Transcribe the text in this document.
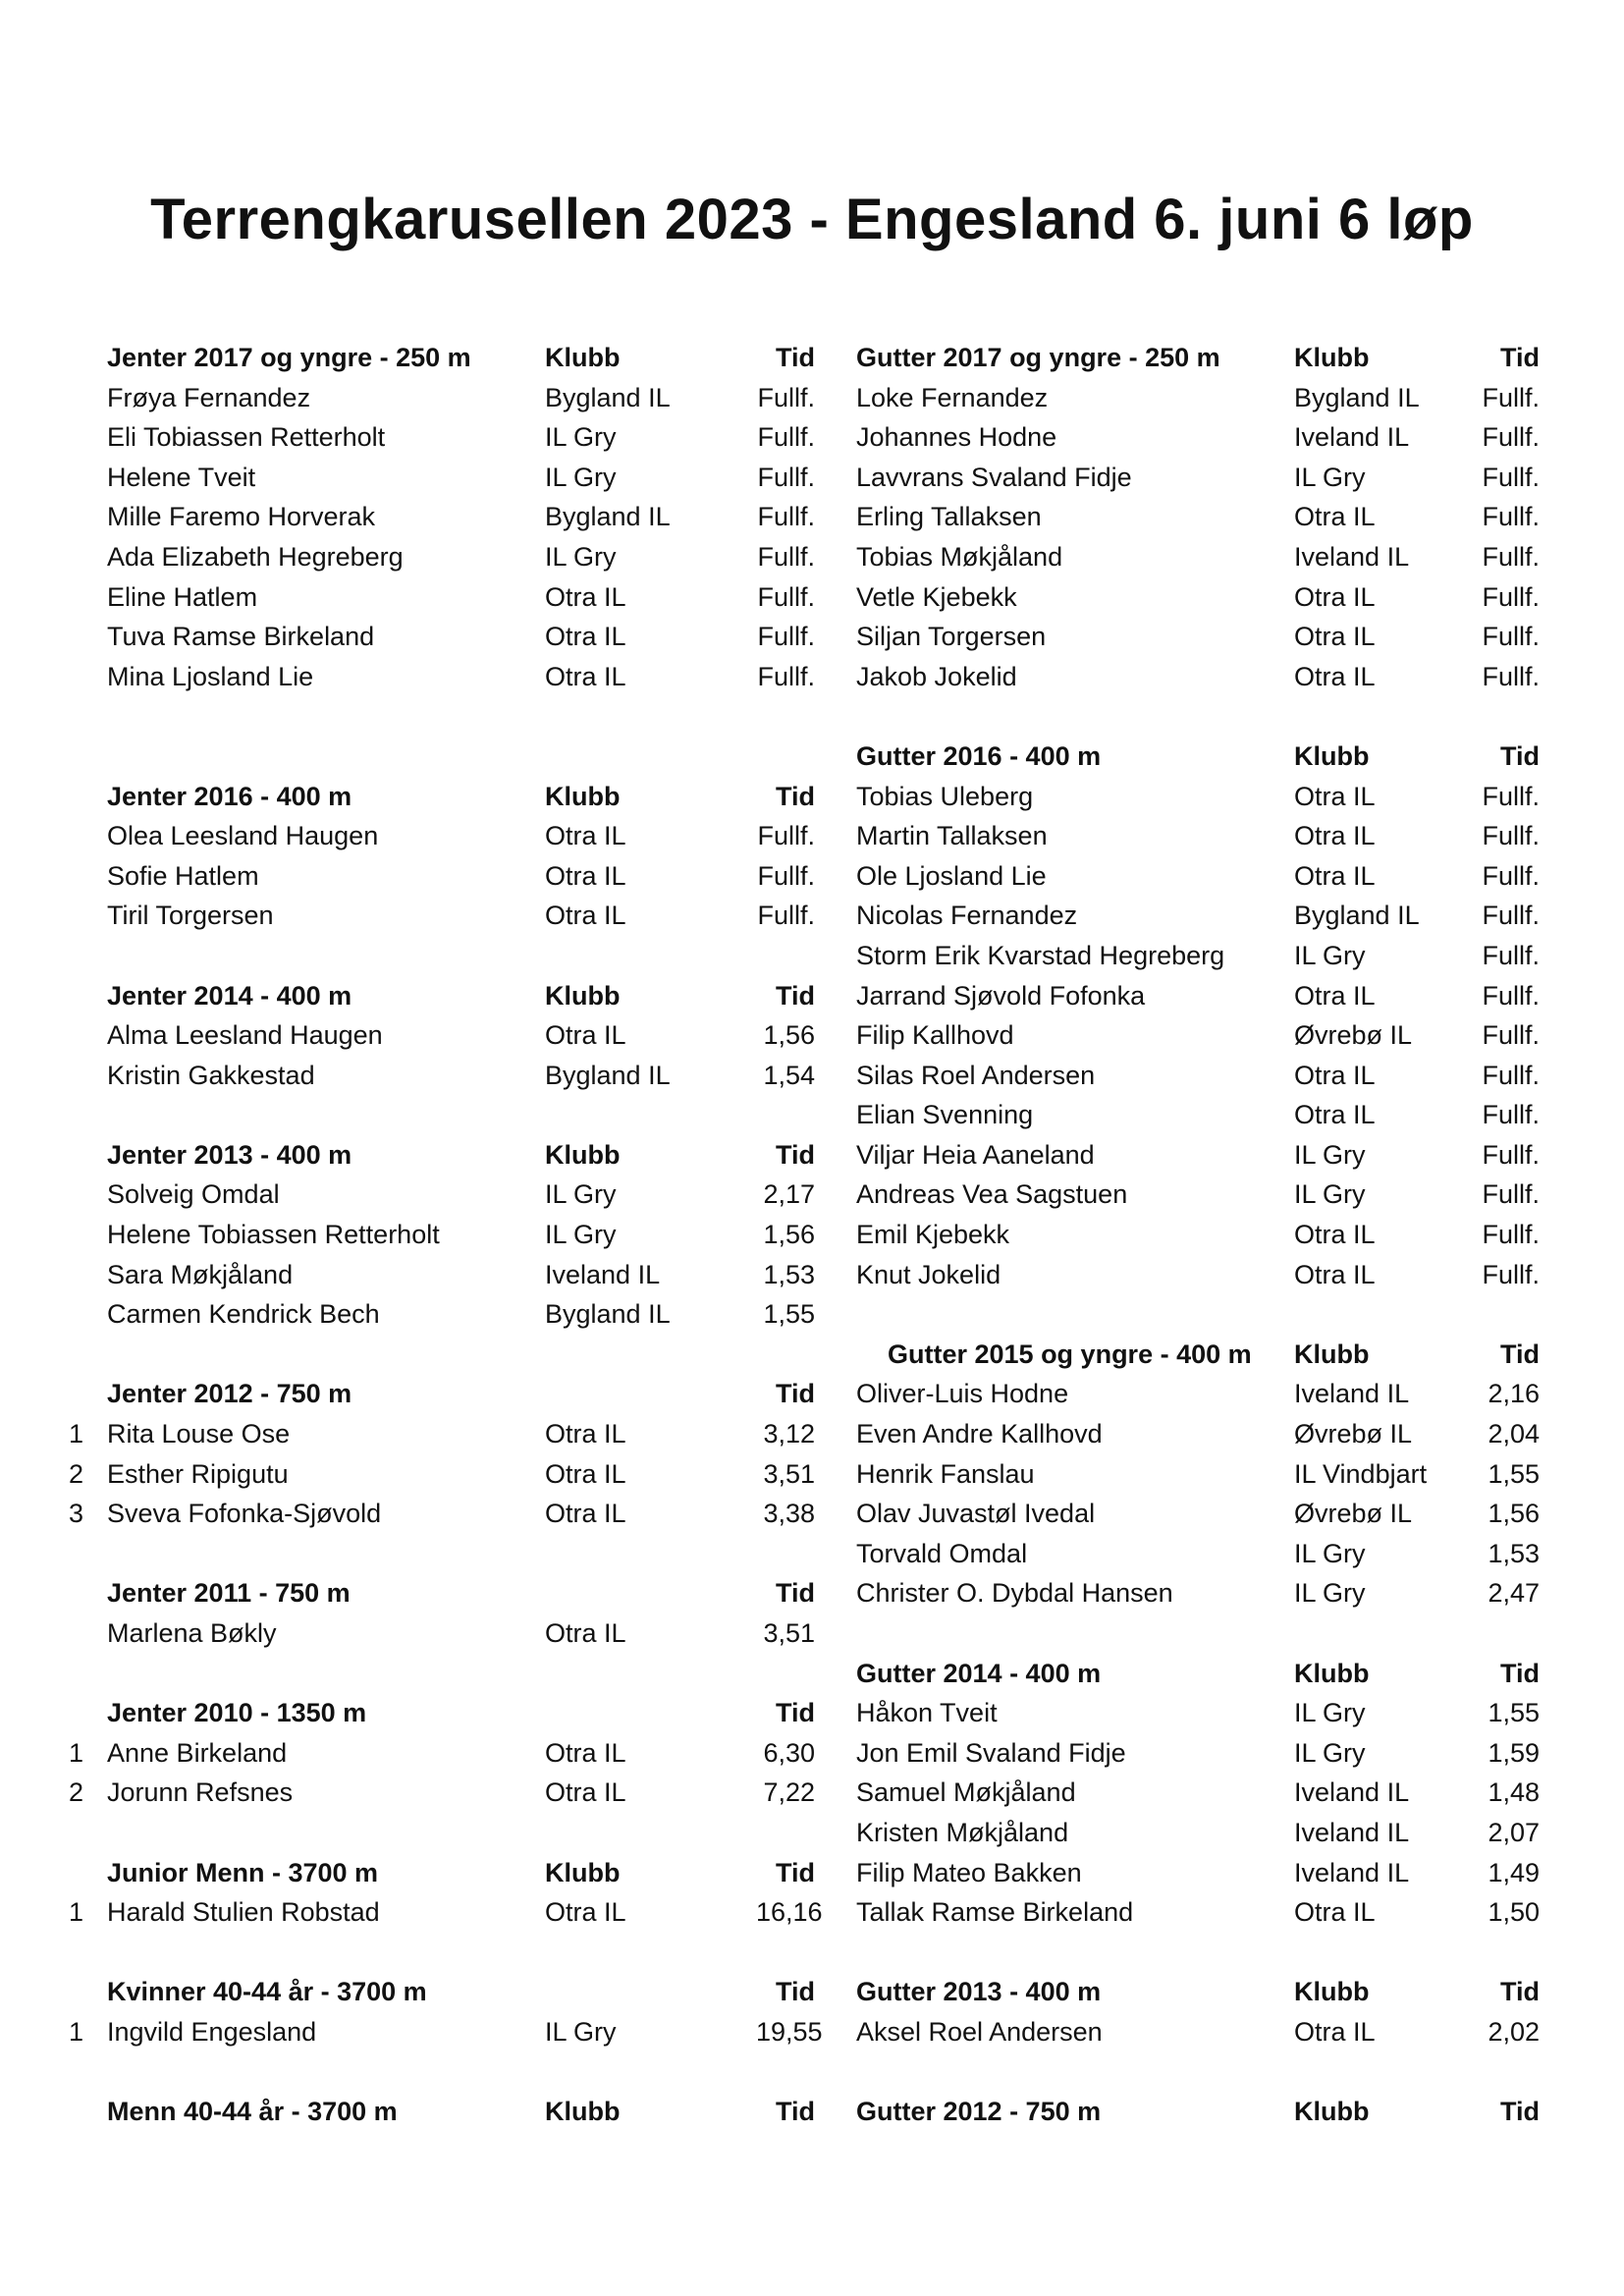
Terrengkarusellen 2023 - Engesland 6. juni 6 løp
Jenter 2017 og yngre - 250 m	Klubb	Tid
Frøya Fernandez	Bygland IL	Fullf.
Eli Tobiassen Retterholt	IL Gry	Fullf.
Helene Tveit	IL Gry	Fullf.
Mille Faremo Horverak	Bygland IL	Fullf.
Ada Elizabeth Hegreberg	IL Gry	Fullf.
Eline Hatlem	Otra IL	Fullf.
Tuva Ramse Birkeland	Otra IL	Fullf.
Mina Ljosland Lie	Otra IL	Fullf.
Jenter 2016 - 400 m	Klubb	Tid
Olea Leesland Haugen	Otra IL	Fullf.
Sofie Hatlem	Otra IL	Fullf.
Tiril Torgersen	Otra IL	Fullf.
Jenter 2014 - 400 m	Klubb	Tid
Alma Leesland Haugen	Otra IL	1,56
Kristin Gakkestad	Bygland IL	1,54
Jenter 2013 - 400 m	Klubb	Tid
Solveig Omdal	IL Gry	2,17
Helene Tobiassen Retterholt	IL Gry	1,56
Sara Møkjåland	Iveland IL	1,53
Carmen Kendrick Bech	Bygland IL	1,55
Jenter 2012 - 750 m	Tid
1 Rita Louse Ose	Otra IL	3,12
2 Esther Ripigutu	Otra IL	3,51
3 Sveva Fofonka-Sjøvold	Otra IL	3,38
Jenter 2011 - 750 m	Tid
Marlena Bøkly	Otra IL	3,51
Jenter 2010 - 1350 m	Tid
1 Anne Birkeland	Otra IL	6,30
2 Jorunn Refsnes	Otra IL	7,22
Junior Menn - 3700 m	Klubb	Tid
1 Harald Stulien Robstad	Otra IL	16,16
Kvinner 40-44 år - 3700 m	Tid
1 Ingvild Engesland	IL Gry	19,55
Menn 40-44 år - 3700 m	Klubb	Tid
Gutter 2017 og yngre - 250 m	Klubb	Tid
Loke Fernandez	Bygland IL	Fullf.
Johannes Hodne	Iveland IL	Fullf.
Lavvrans Svaland Fidje	IL Gry	Fullf.
Erling Tallaksen	Otra IL	Fullf.
Tobias Møkjåland	Iveland IL	Fullf.
Vetle Kjebekk	Otra IL	Fullf.
Siljan Torgersen	Otra IL	Fullf.
Jakob Jokelid	Otra IL	Fullf.
Gutter 2016 - 400 m	Klubb	Tid
Tobias Uleberg	Otra IL	Fullf.
Martin Tallaksen	Otra IL	Fullf.
Ole Ljosland Lie	Otra IL	Fullf.
Nicolas Fernandez	Bygland IL	Fullf.
Storm Erik Kvarstad Hegreberg	IL Gry	Fullf.
Jarrand Sjøvold Fofonka	Otra IL	Fullf.
Filip Kallhovd	Øvrebø IL	Fullf.
Silas Roel Andersen	Otra IL	Fullf.
Elian Svenning	Otra IL	Fullf.
Viljar Heia Aaneland	IL Gry	Fullf.
Andreas Vea Sagstuen	IL Gry	Fullf.
Emil Kjebekk	Otra IL	Fullf.
Knut Jokelid	Otra IL	Fullf.
Gutter 2015 og yngre - 400 m Klubb	Tid
Oliver-Luis Hodne	Iveland IL	2,16
Even Andre Kallhovd	Øvrebø IL	2,04
Henrik Fanslau	IL Vindbjart	1,55
Olav Juvastøl Ivedal	Øvrebø IL	1,56
Torvald Omdal	IL Gry	1,53
Christer O. Dybdal Hansen	IL Gry	2,47
Gutter 2014 - 400 m	Klubb	Tid
Håkon Tveit	IL Gry	1,55
Jon Emil Svaland Fidje	IL Gry	1,59
Samuel Møkjåland	Iveland IL	1,48
Kristen Møkjåland	Iveland IL	2,07
Filip Mateo Bakken	Iveland IL	1,49
Tallak Ramse Birkeland	Otra IL	1,50
Gutter 2013 - 400 m	Klubb	Tid
Aksel Roel Andersen	Otra IL	2,02
Gutter 2012 - 750 m	Klubb	Tid
